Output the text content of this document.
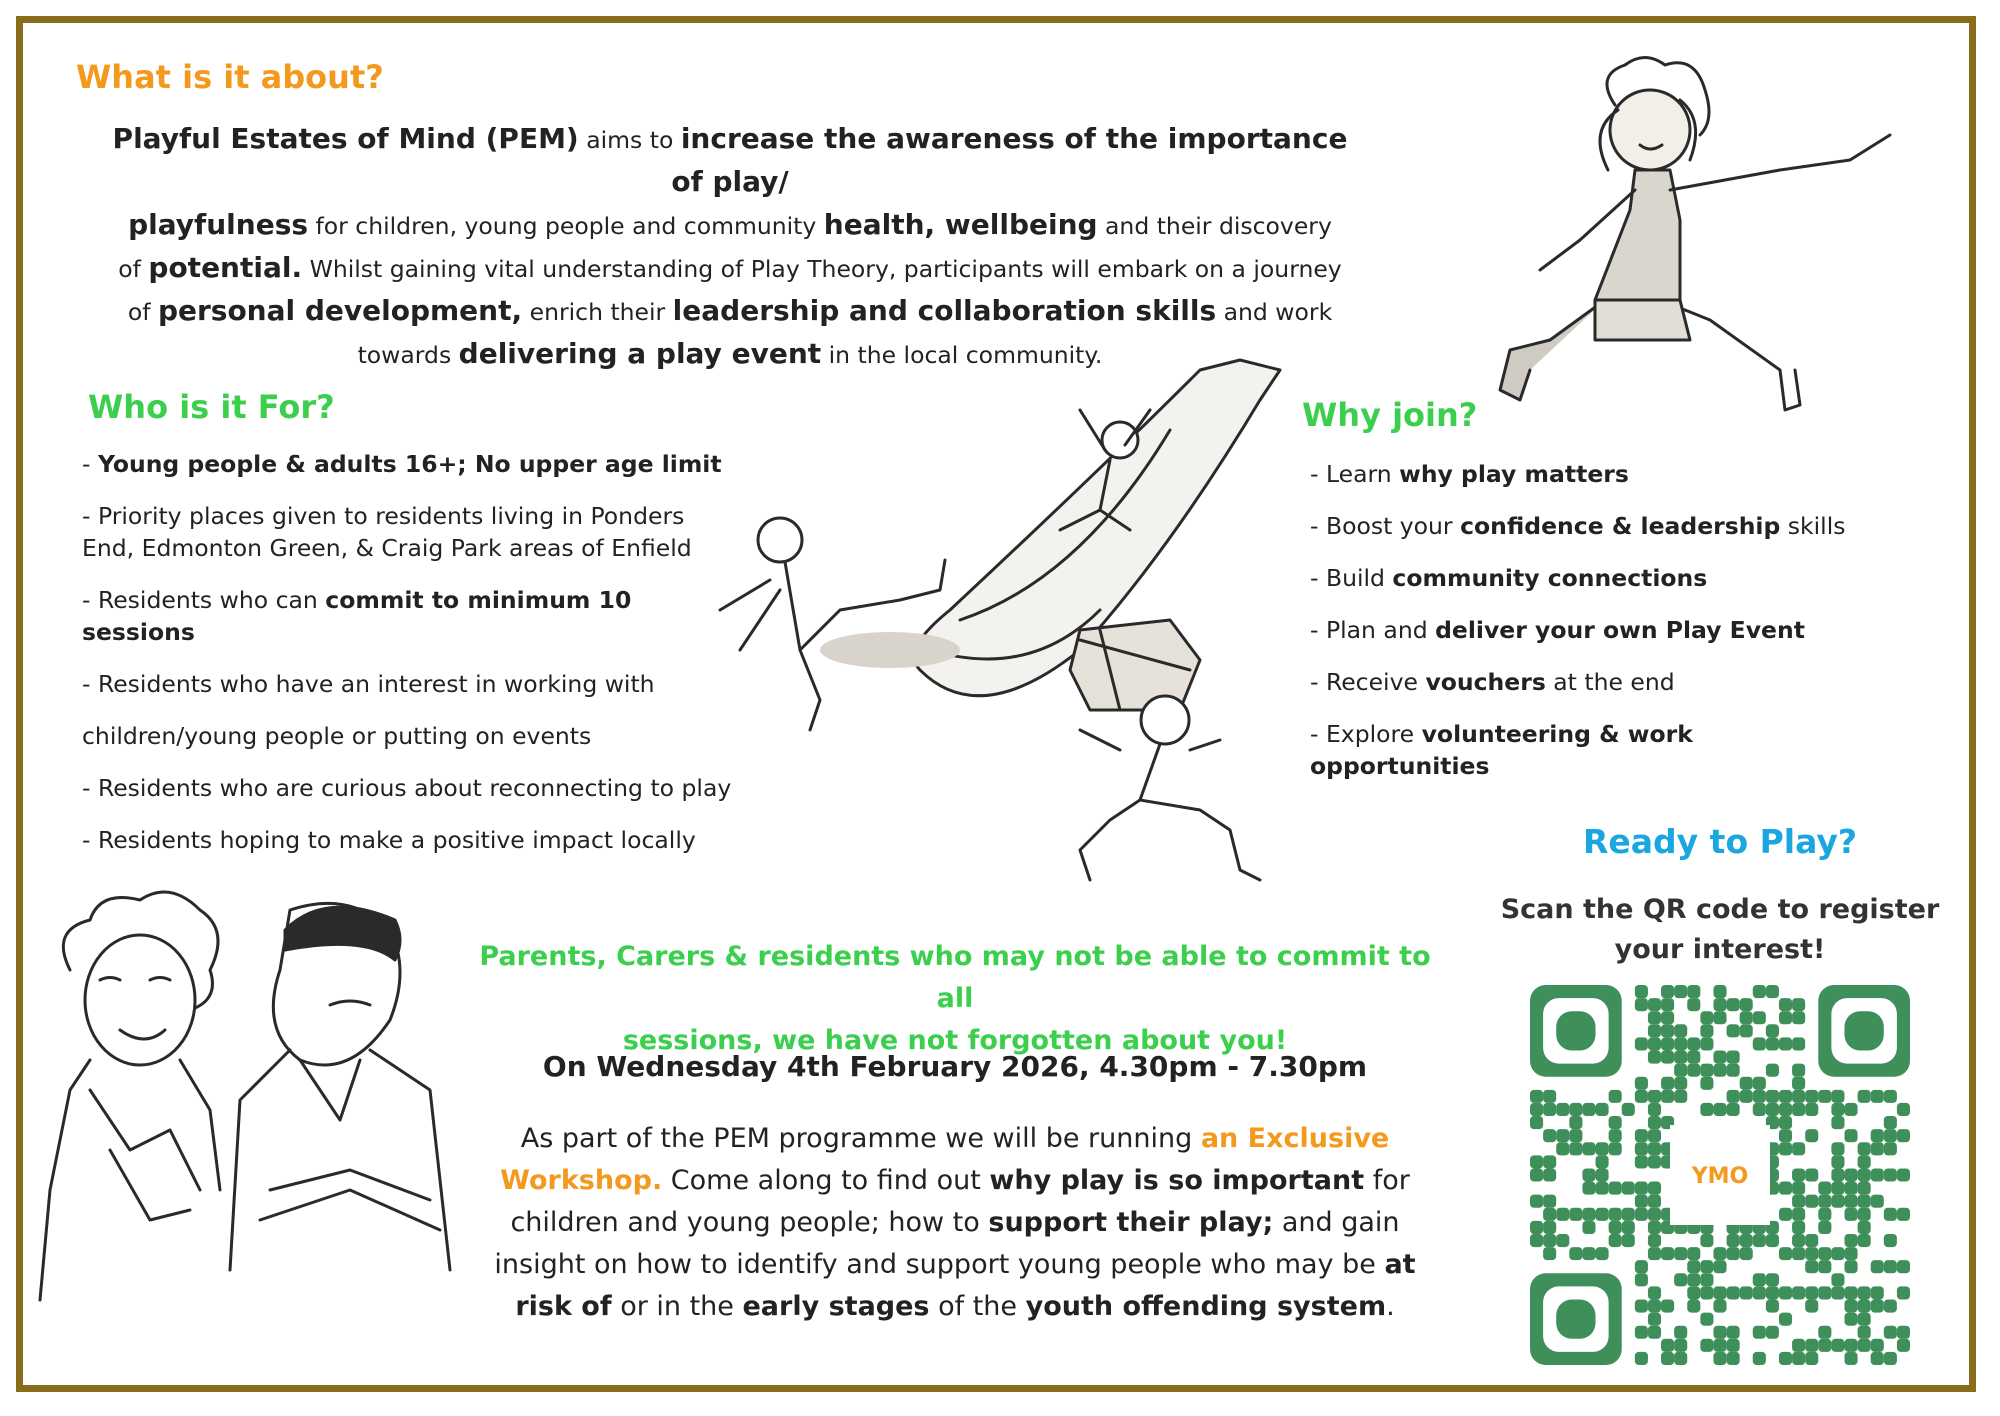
What is it about?
Playful Estates of Mind (PEM) aims to increase the awareness of the importance of play/
playfulness for children, young people and community health, wellbeing and their discovery
of potential. Whilst gaining vital understanding of Play Theory, participants will embark on a journey
of personal development, enrich their leadership and collaboration skills and work
towards delivering a play event in the local community.
Who is it For?
- Young people & adults 16+; No upper age limit
- Priority places given to residents living in Ponders End, Edmonton Green, & Craig Park areas of Enfield
- Residents who can commit to minimum 10 sessions
- Residents who have an interest in working with
children/young people or putting on events
- Residents who are curious about reconnecting to play
- Residents hoping to make a positive impact locally
Why join?
- Learn why play matters
- Boost your confidence & leadership skills
- Build community connections
- Plan and deliver your own Play Event
- Receive vouchers at the end
- Explore volunteering & work opportunities
Parents, Carers & residents who may not be able to commit to all
sessions, we have not forgotten about you!
On Wednesday 4th February 2026, 4.30pm - 7.30pm
As part of the PEM programme we will be running an Exclusive Workshop. Come along to find out why play is so important for children and young people; how to support their play; and gain insight on how to identify and support young people who may be at risk of or in the early stages of the youth offending system.
Ready to Play?
Scan the QR code to register your interest!
YMO
